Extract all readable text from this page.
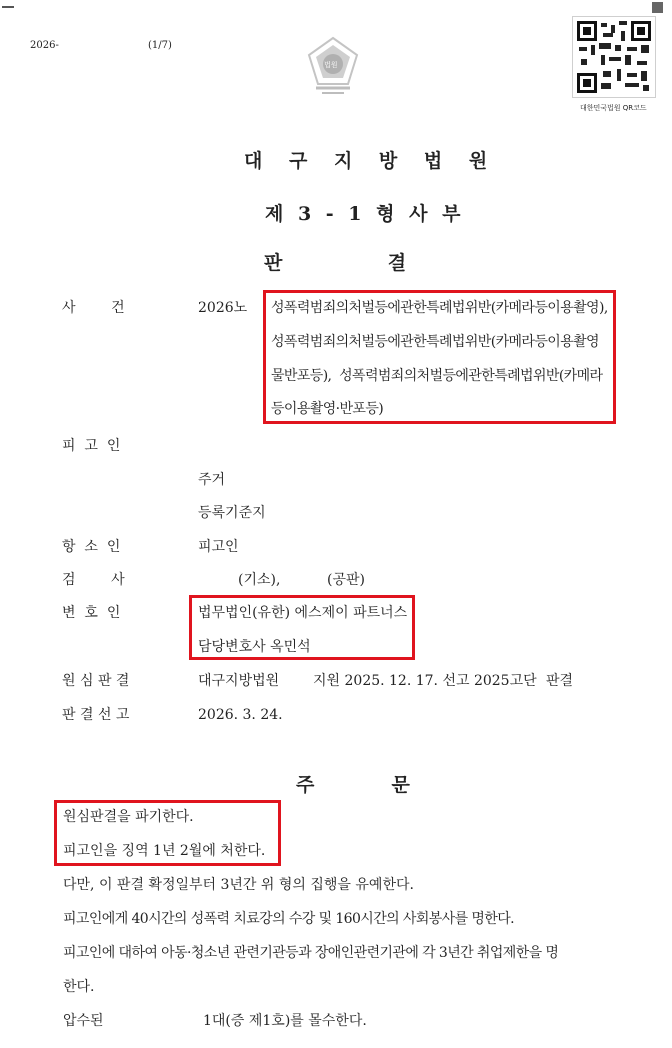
2026-	(1/7)
법원
대한민국법원 QR코드
대 구 지 방 법 원
제 3 - 1 형 사 부
판            결
사        건	2026노 성폭력범죄의처벌등에관한특례법위반(카메라등이용촬영),
성폭력범죄의처벌등에관한특례법위반(카메라등이용촬영
물반포등),  성폭력범죄의처벌등에관한특례법위반(카메라
등이용촬영·반포등)
피  고  인
주거
등록기준지
항  소  인	피고인
검        사	(기소),	(공판)
변  호  인	법무법인(유한) 에스제이 파트너스
담당변호사 옥민석
원 심 판 결	대구지방법원 지원 2025. 12. 17. 선고 2025고단 판결
판 결 선 고	2026. 3. 24.
주          문
원심판결을 파기한다.
피고인을 징역 1년 2월에 처한다.
다만, 이 판결 확정일부터 3년간 위 형의 집행을 유예한다.
피고인에게 40시간의 성폭력 치료강의 수강 및 160시간의 사회봉사를 명한다.
피고인에 대하여 아동·청소년 관련기관등과 장애인관련기관에 각 3년간 취업제한을 명
한다.
압수된	1대(증 제1호)를 몰수한다.
